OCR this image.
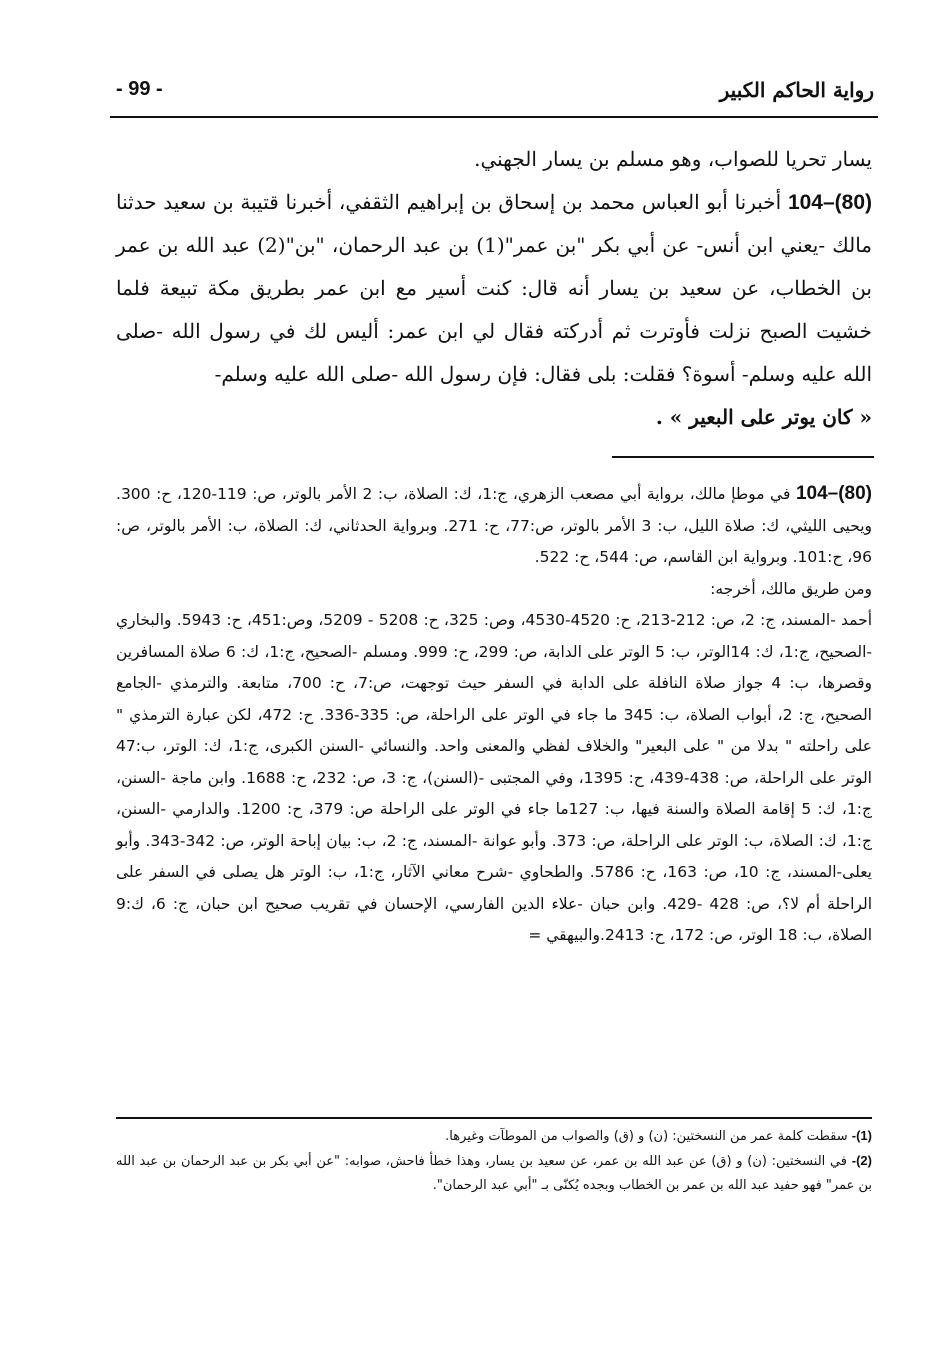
رواية الحاكم الكبير
- 99 -

يسار تحريا للصواب، وهو مسلم بن يسار الجهني.

104–(80) أخبرنا أبو العباس محمد بن إسحاق بن إبراهيم الثقفي، أخبرنا قتيبة بن سعيد حدثنا مالك -يعني ابن أنس- عن أبي بكر "بن عمر"(1) بن عبد الرحمان، "بن"(2) عبد الله بن عمر بن الخطاب، عن سعيد بن يسار أنه قال: كنت أسير مع ابن عمر بطريق مكة تبيعة فلما خشيت الصبح نزلت فأوترت ثم أدركته فقال لي ابن عمر: أليس لك في رسول الله -صلى الله عليه وسلم- أسوة؟ فقلت: بلى فقال: فإن رسول الله -صلى الله عليه وسلم-

« كان يوتر على البعير » .

104–(80) في موطإ مالك، برواية أبي مصعب الزهري، ج:1، ك: الصلاة، ب: 2 الأمر بالوتر، ص: 119-120، ح: 300. ويحيى الليثي، ك: صلاة الليل، ب: 3 الأمر بالوتر، ص:77، ح: 271. وبرواية الحدثاني، ك: الصلاة، ب: الأمر بالوتر، ص: 96، ح:101. وبرواية ابن القاسم، ص: 544، ح: 522.

ومن طريق مالك، أخرجه:

أحمد -المسند، ج: 2، ص: 212-213، ح: 4520-4530، وص: 325، ح: 5208 - 5209، وص:451، ح: 5943. والبخاري -الصحيح، ج:1، ك: 14الوتر، ب: 5 الوتر على الدابة، ص: 299، ح: 999. ومسلم -الصحيح، ج:1، ك: 6 صلاة المسافرين وقصرها، ب: 4 جواز صلاة النافلة على الدابة في السفر حيث توجهت، ص:7، ح: 700، متابعة. والترمذي -الجامع الصحيح، ج: 2، أبواب الصلاة، ب: 345 ما جاء في الوتر على الراحلة، ص: 335-336. ح: 472، لكن عبارة الترمذي " على راحلته " بدلا من " على البعير" والخلاف لفظي والمعنى واحد. والنسائي -السنن الكبرى، ج:1، ك: الوتر، ب:47 الوتر على الراحلة، ص: 438-439، ح: 1395، وفي المجتبى -(السنن)، ج: 3، ص: 232، ح: 1688. وابن ماجة -السنن، ج:1، ك: 5 إقامة الصلاة والسنة فيها، ب: 127ما جاء في الوتر على الراحلة ص: 379، ح: 1200. والدارمي -السنن، ج:1، ك: الصلاة، ب: الوتر على الراحلة، ص: 373. وأبو عوانة -المسند، ج: 2، ب: بيان إباحة الوتر، ص: 342-343. وأبو يعلى-المسند، ج: 10، ص: 163، ح: 5786. والطحاوي -شرح معاني الآثار، ج:1، ب: الوتر هل يصلى في السفر على الراحلة أم لا؟، ص: 428 -429. وابن حبان -علاء الدين الفارسي، الإحسان في تقريب صحيح ابن حبان، ج: 6، ك:9 الصلاة، ب: 18 الوتر، ص: 172، ح: 2413.والبيهقي =

(1)- سقطت كلمة عمر من النسختين: (ن) و (ق) والصواب من الموطآت وغيرها.

(2)- في النسختين: (ن) و (ق) عن عبد الله بن عمر، عن سعيد بن يسار، وهذا خطأ فاحش، صوابه: "عن أبي بكر بن عبد الرحمان بن عبد الله بن عمر" فهو حفيد عبد الله بن عمر بن الخطاب وبجده يُكنّى بـ "أبي عبد الرحمان".
